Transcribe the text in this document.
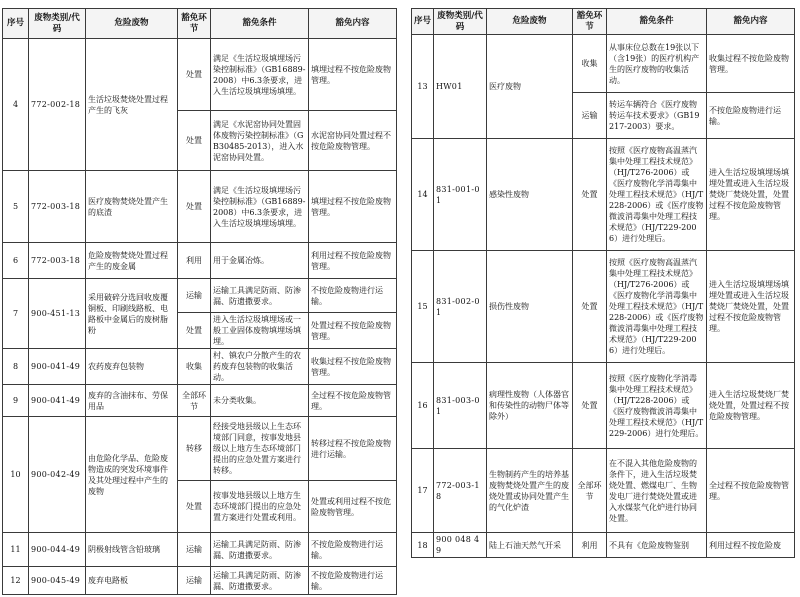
序号	废物类别/代码	危险废物	豁免环节	豁免条件	豁免内容
4	772-002-18	生活垃圾焚烧处置过程产生的飞灰	处置	满足《生活垃圾填埋场污染控制标准》（GB16889-2008）中6.3条要求，进入生活垃圾填埋场填埋。	填埋过程不按危险废物管理。
			处置	满足《水泥窑协同处置固体废物污染控制标准》（GB30485-2013），进入水泥窑协同处置。	水泥窑协同处置过程不按危险废物管理。
5	772-003-18	医疗废物焚烧处置产生的底渣	处置	满足《生活垃圾填埋场污染控制标准》（GB16889-2008）中6.3条要求，进入生活垃圾填埋场填埋。	填埋过程不按危险废物管理。
6	772-003-18	危险废物焚烧处置过程产生的废金属	利用	用于金属冶炼。	利用过程不按危险废物管理。
7	900-451-13	采用破碎分选回收废覆铜板、印刷线路板、电路板中金属后的废树脂粉	运输	运输工具满足防雨、防渗漏、防遗撒要求。	不按危险废物进行运输。
			处置	进入生活垃圾填埋场或一般工业固体废物填埋场填埋。	处置过程不按危险废物管理。
8	900-041-49	农药废弃包装物	收集	村、镇农户分散产生的农药废弃包装物的收集活动。	收集过程不按危险废物管理。
9	900-041-49	废弃的含油抹布、劳保用品	全部环节	未分类收集。	全过程不按危险废物管理。
10	900-042-49	由危险化学品、危险废物造成的突发环境事件及其处理过程中产生的废物	转移	经接受地县级以上生态环境部门同意，按事发地县级以上地方生态环境部门提出的应急处置方案进行转移。	转移过程不按危险废物进行运输。
			处置	按事发地县级以上地方生态环境部门提出的应急处置方案进行处置或利用。	处置或利用过程不按危险废物管理。
11	900-044-49	阴极射线管含铅玻璃	运输	运输工具满足防雨、防渗漏、防遗撒要求。	不按危险废物进行运输。
12	900-045-49	废弃电路板	运输	运输工具满足防雨、防渗漏、防遗撒要求。	不按危险废物进行运输。
序号	废物类别/代码	危险废物	豁免环节	豁免条件	豁免内容
13	HW01	医疗废物	收集	从事床位总数在19张以下（含19张）的医疗机构产生的医疗废物的收集活动。	收集过程不按危险废物管理。
			运输	转运车辆符合《医疗废物转运车技术要求》（GB19217-2003）要求。	不按危险废物进行运输。
14	831-001-01	感染性废物	处置	按照《医疗废物高温蒸汽集中处理工程技术规范》（HJ/T276-2006）或《医疗废物化学消毒集中处理工程技术规范》（HJ/T228-2006）或《医疗废物微波消毒集中处理工程技术规范》（HJ/T229-2006）进行处理后。	进入生活垃圾填埋场填埋处置或进入生活垃圾焚烧厂焚烧处置，处置过程不按危险废物管理。
15	831-002-01	损伤性废物	处置	按照《医疗废物高温蒸汽集中处理工程技术规范》（HJ/T276-2006）或《医疗废物化学消毒集中处理工程技术规范》（HJ/T228-2006）或《医疗废物微波消毒集中处理工程技术规范》（HJ/T229-2006）进行处理后。	进入生活垃圾填埋场填埋处置或进入生活垃圾焚烧厂焚烧处置，处置过程不按危险废物管理。
16	831-003-01	病理性废物（人体器官和传染性的动物尸体等除外）	处置	按照《医疗废物化学消毒集中处理工程技术规范》（HJ/T228-2006）或《医疗废物微波消毒集中处理工程技术规范》（HJ/T229-2006）进行处理后。	进入生活垃圾焚烧厂焚烧处置，处置过程不按危险废物管理。
17	772-003-18	生物制药产生的培养基废物焚烧处置产生的废烧处置或协同处置产生的气化炉渣	全部环节	在不混入其他危险废物的条件下，进入生活垃圾焚烧处置、燃煤电厂、生物发电厂进行焚烧处置或进入水煤浆气化炉进行协同处置。	全过程不按危险废物管理。
18	900 048 49	陆上石油天然气开采	利用	不具有《危险废物鉴别	利用过程不按危险废
